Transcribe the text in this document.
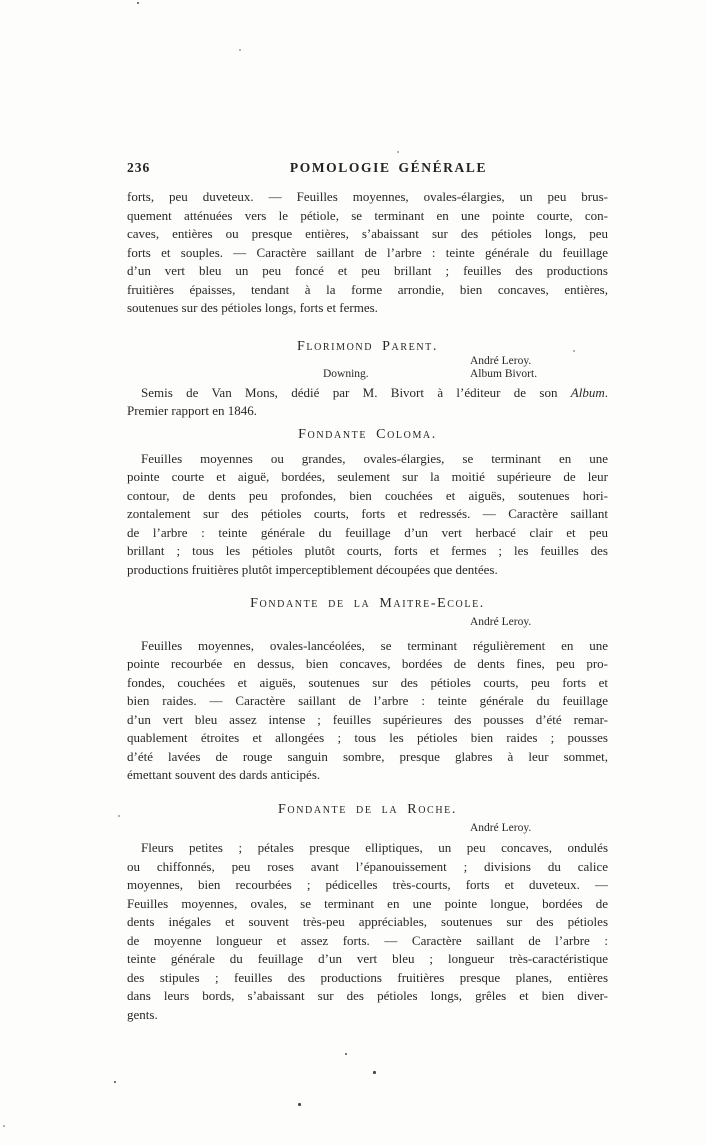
236	POMOLOGIE GÉNÉRALE
forts, peu duveteux. — Feuilles moyennes, ovales-élargies, un peu brus-
quement atténuées vers le pétiole, se terminant en une pointe courte, con-
caves, entières ou presque entières, s’abaissant sur des pétioles longs, peu
forts et souples. — Caractère saillant de l’arbre : teinte générale du feuillage
d’un vert bleu un peu foncé et peu brillant ; feuilles des productions
fruitières épaisses, tendant à la forme arrondie, bien concaves, entières,
soutenues sur des pétioles longs, forts et fermes.
Florimond Parent.
André Leroy.
Downing.	Album Bivort.
Semis de Van Mons, dédié par M. Bivort à l’éditeur de son Album.
Premier rapport en 1846.
Fondante Coloma.
Feuilles moyennes ou grandes, ovales-élargies, se terminant en une
pointe courte et aiguë, bordées, seulement sur la moitié supérieure de leur
contour, de dents peu profondes, bien couchées et aiguës, soutenues hori-
zontalement sur des pétioles courts, forts et redressés. — Caractère saillant
de l’arbre : teinte générale du feuillage d’un vert herbacé clair et peu
brillant ; tous les pétioles plutôt courts, forts et fermes ; les feuilles des
productions fruitières plutôt imperceptiblement découpées que dentées.
Fondante de la Maitre-Ecole.
André Leroy.
Feuilles moyennes, ovales-lancéolées, se terminant régulièrement en une
pointe recourbée en dessus, bien concaves, bordées de dents fines, peu pro-
fondes, couchées et aiguës, soutenues sur des pétioles courts, peu forts et
bien raides. — Caractère saillant de l’arbre : teinte générale du feuillage
d’un vert bleu assez intense ; feuilles supérieures des pousses d’été remar-
quablement étroites et allongées ; tous les pétioles bien raides ; pousses
d’été lavées de rouge sanguin sombre, presque glabres à leur sommet,
émettant souvent des dards anticipés.
Fondante de la Roche.
André Leroy.
Fleurs petites ; pétales presque elliptiques, un peu concaves, ondulés
ou chiffonnés, peu roses avant l’épanouissement ; divisions du calice
moyennes, bien recourbées ; pédicelles très-courts, forts et duveteux. —
Feuilles moyennes, ovales, se terminant en une pointe longue, bordées de
dents inégales et souvent très-peu appréciables, soutenues sur des pétioles
de moyenne longueur et assez forts. — Caractère saillant de l’arbre :
teinte générale du feuillage d’un vert bleu ; longueur très-caractéristique
des stipules ; feuilles des productions fruitières presque planes, entières
dans leurs bords, s’abaissant sur des pétioles longs, grêles et bien diver-
gents.
